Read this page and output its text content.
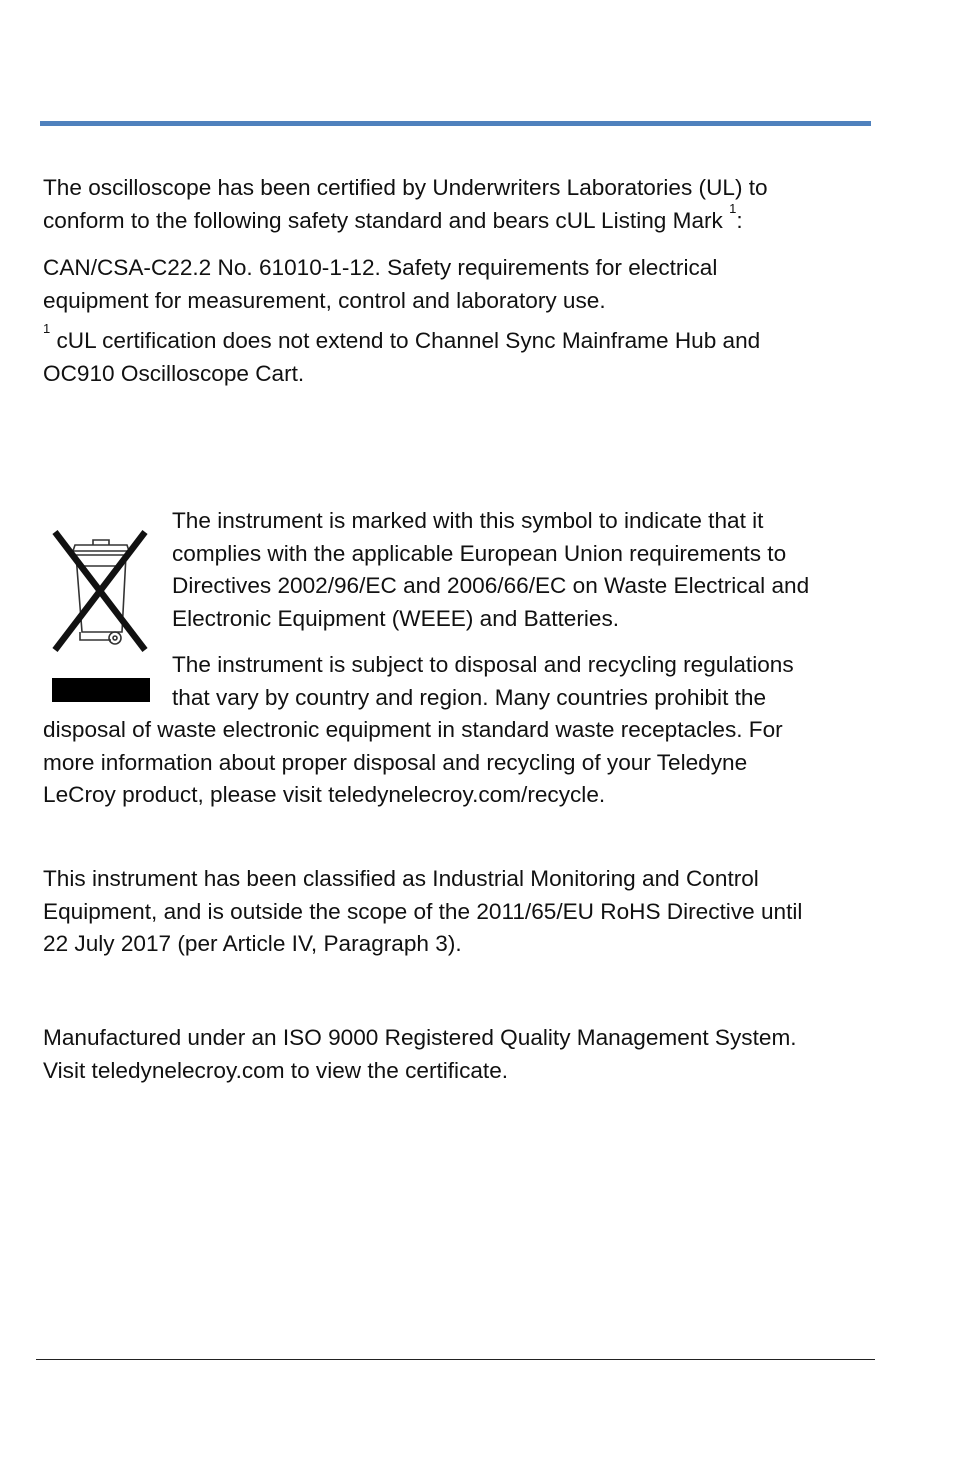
The oscilloscope has been certified by Underwriters Laboratories (UL) to
conform to the following safety standard and bears cUL Listing Mark $^1$:
CAN/CSA-C22.2 No. 61010-1-12. Safety requirements for electrical
equipment for measurement, control and laboratory use.
$^1$ cUL certification does not extend to Channel Sync Mainframe Hub and
OC910 Oscilloscope Cart.
The instrument is marked with this symbol to indicate that it
complies with the applicable European Union requirements to
Directives 2002/96/EC and 2006/66/EC on Waste Electrical and
Electronic Equipment (WEEE) and Batteries.
The instrument is subject to disposal and recycling regulations
that vary by country and region. Many countries prohibit the
disposal of waste electronic equipment in standard waste receptacles. For
more information about proper disposal and recycling of your Teledyne
LeCroy product, please visit teledynelecroy.com/recycle.
This instrument has been classified as Industrial Monitoring and Control
Equipment, and is outside the scope of the 2011/65/EU RoHS Directive until
22 July 2017 (per Article IV, Paragraph 3).
Manufactured under an ISO 9000 Registered Quality Management System.
Visit teledynelecroy.com to view the certificate.
